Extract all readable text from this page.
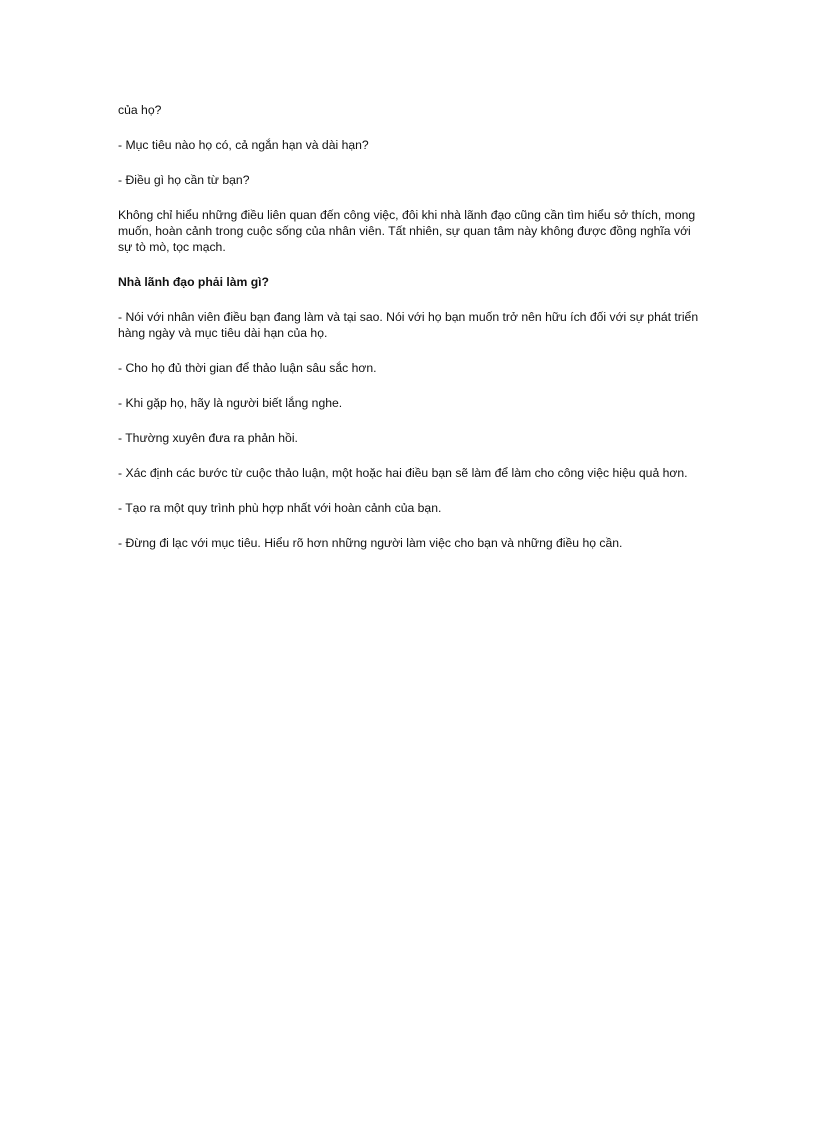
của họ?

- Mục tiêu nào họ có, cả ngắn hạn và dài hạn?

- Điều gì họ cần từ bạn?

Không chỉ hiểu những điều liên quan đến công việc, đôi khi nhà lãnh đạo cũng cần tìm hiểu sở thích, mong muốn, hoàn cảnh trong cuộc sống của nhân viên. Tất nhiên, sự quan tâm này không được đồng nghĩa với sự tò mò, tọc mạch.

Nhà lãnh đạo phải làm gì?

- Nói với nhân viên điều bạn đang làm và tại sao. Nói với họ bạn muốn trở nên hữu ích đối với sự phát triển hàng ngày và mục tiêu dài hạn của họ.

- Cho họ đủ thời gian để thảo luận sâu sắc hơn.

- Khi gặp họ, hãy là người biết lắng nghe.

- Thường xuyên đưa ra phản hồi.

- Xác định các bước từ cuộc thảo luận, một hoặc hai điều bạn sẽ làm để làm cho công việc hiệu quả hơn.

- Tạo ra một quy trình phù hợp nhất với hoàn cảnh của bạn.

- Đừng đi lạc với mục tiêu. Hiểu rõ hơn những người làm việc cho bạn và những điều họ cần.
